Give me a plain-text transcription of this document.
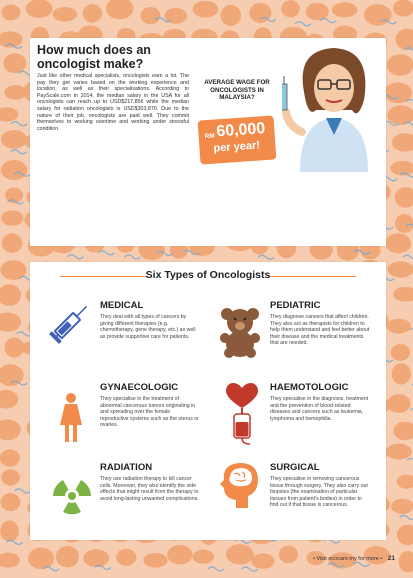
How much does an oncologist make?
Just like other medical specialists, oncologists earn a lot. The pay they get varies based on the working experience and location, as well as their specialisations. According to PayScale.com in 2014, the median salary in the USA for all oncologists can reach up to USD$217,856 while the median salary for radiation oncologists is USD$303,870. Due to the nature of their job, oncologists are paid well. They commit themselves to working overtime and working under stressful condition.
AVERAGE WAGE FOR ONCOLOGISTS IN MALAYSIA?
RM 60,000
per year!
Six Types of Oncologists
MEDICAL
They deal with all types of cancers by giving different therapies (e.g. chemotherapy, gene therapy, etc.) as well as provide supportive care for patients.
PEDIATRIC
They diagnose cancers that affect children. They also act as therapists for children to help them understand and feel better about their disease and the medical treatments that are needed.
GYNAECOLOGIC
They specialise in the treatment of abnormal cancerous tumors originating in and spreading over the female reproductive systems such as the uterus or ovaries.
HAEMOTOLOGIC
They specialise in the diagnosis, treatment and the prevention of blood-related diseases and cancers such as leukemia, lymphoma and hemophilia.
RADIATION
They use radiation therapy to kill cancer cells. Moreover, they also identify the side effects that might result from the therapy to avoid long-lasting unwanted complications.
SURGICAL
They specialise in removing cancerous tissue through surgery. They also carry out biopsies (the examination of particular tissues from patient's bodies) in order to find out if that tissue is cancerous.
• Visit ecocare.my for more • 21
